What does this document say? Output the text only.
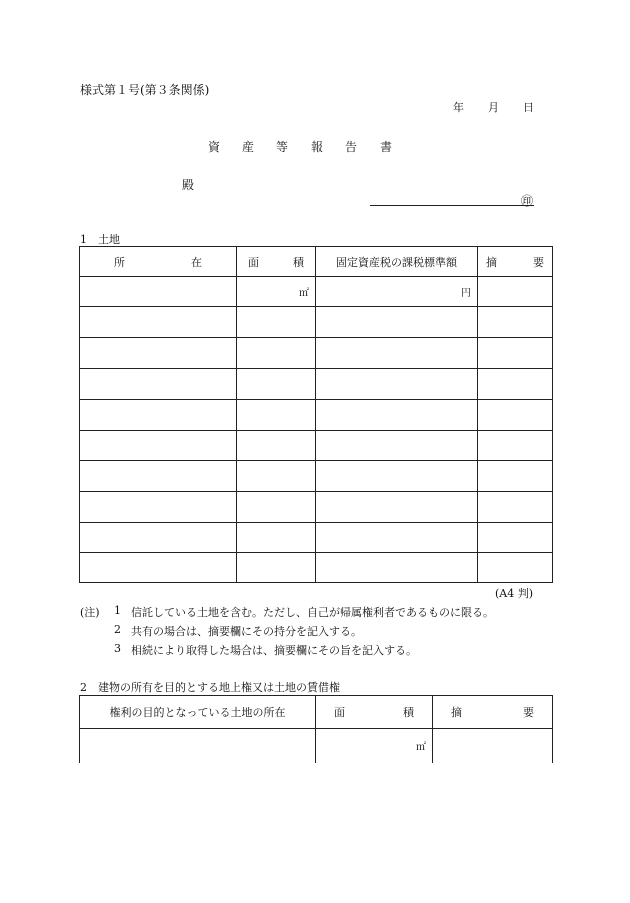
様式第１号(第３条関係)
年 月 日
資 産 等 報 告 書
殿
㊞
1　土地
所 在	面 積	固定資産税の課税標準額	摘 要

	㎡	円	

(A4 判)
(注) 1 信託している土地を含む。ただし、自己が帰属権利者であるものに限る。
2 共有の場合は、摘要欄にその持分を記入する。
3 相続により取得した場合は、摘要欄にその旨を記入する。
2　建物の所有を目的とする地上権又は土地の賃借権
権利の目的となっている土地の所在	面 積	摘 要

	㎡	
